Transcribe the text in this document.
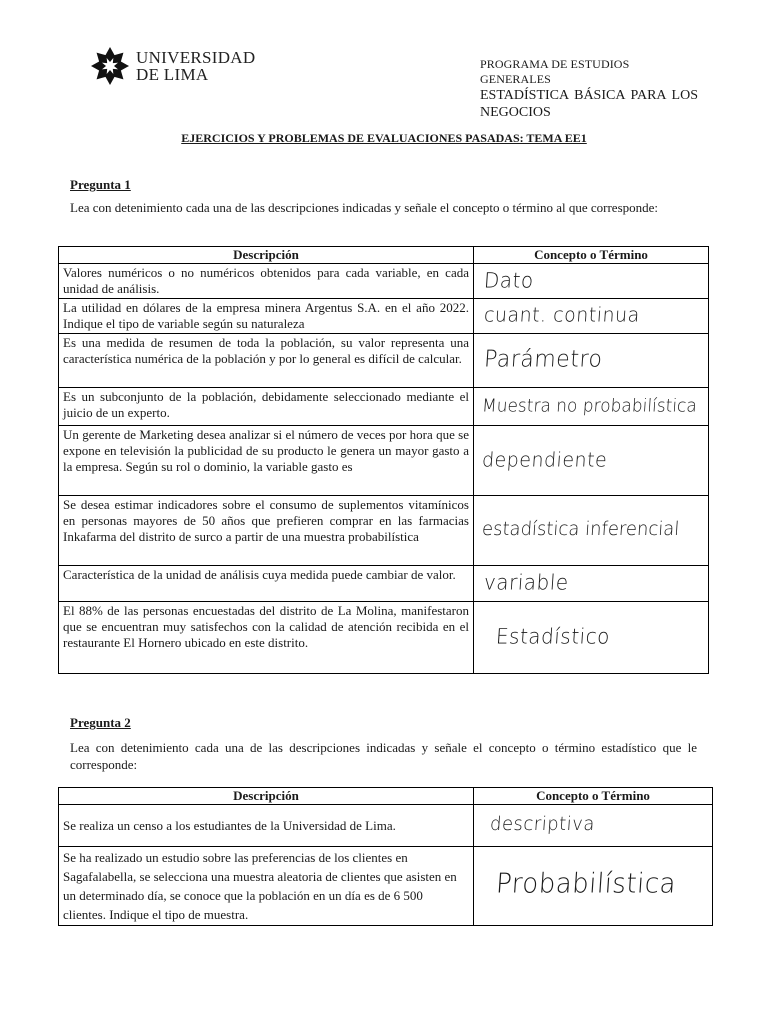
UNIVERSIDAD
DE LIMA
PROGRAMA DE ESTUDIOS GENERALES
ESTADÍSTICA BÁSICA PARA LOS NEGOCIOS
EJERCICIOS Y PROBLEMAS DE EVALUACIONES PASADAS: TEMA EE1
Pregunta 1
Lea con detenimiento cada una de las descripciones indicadas y señale el concepto o término al que corresponde:
Descripción	Concepto o Término
Valores numéricos o no numéricos obtenidos para cada variable, en cada unidad de análisis.	Dato
La utilidad en dólares de la empresa minera Argentus S.A. en el año 2022. Indique el tipo de variable según su naturaleza	cuant. continua
Es una medida de resumen de toda la población, su valor representa una característica numérica de la población y por lo general es difícil de calcular.	Parámetro
Es un subconjunto de la población, debidamente seleccionado mediante el juicio de un experto.	Muestra no probabilística
Un gerente de Marketing desea analizar si el número de veces por hora que se expone en televisión la publicidad de su producto le genera un mayor gasto a la empresa. Según su rol o dominio, la variable gasto es	dependiente
Se desea estimar indicadores sobre el consumo de suplementos vitamínicos en personas mayores de 50 años que prefieren comprar en las farmacias Inkafarma del distrito de surco a partir de una muestra probabilística	estadística inferencial
Característica de la unidad de análisis cuya medida puede cambiar de valor.	variable
El 88% de las personas encuestadas del distrito de La Molina, manifestaron que se encuentran muy satisfechos con la calidad de atención recibida en el restaurante El Hornero ubicado en este distrito.	Estadístico
Pregunta 2
Lea con detenimiento cada una de las descripciones indicadas y señale el concepto o término estadístico que le corresponde:
Descripción	Concepto o Término
Se realiza un censo a los estudiantes de la Universidad de Lima.	descriptiva
Se ha realizado un estudio sobre las preferencias de los clientes en Sagafalabella, se selecciona una muestra aleatoria de clientes que asisten en un determinado día, se conoce que la población en un día es de 6 500 clientes. Indique el tipo de muestra.	Probabilística
